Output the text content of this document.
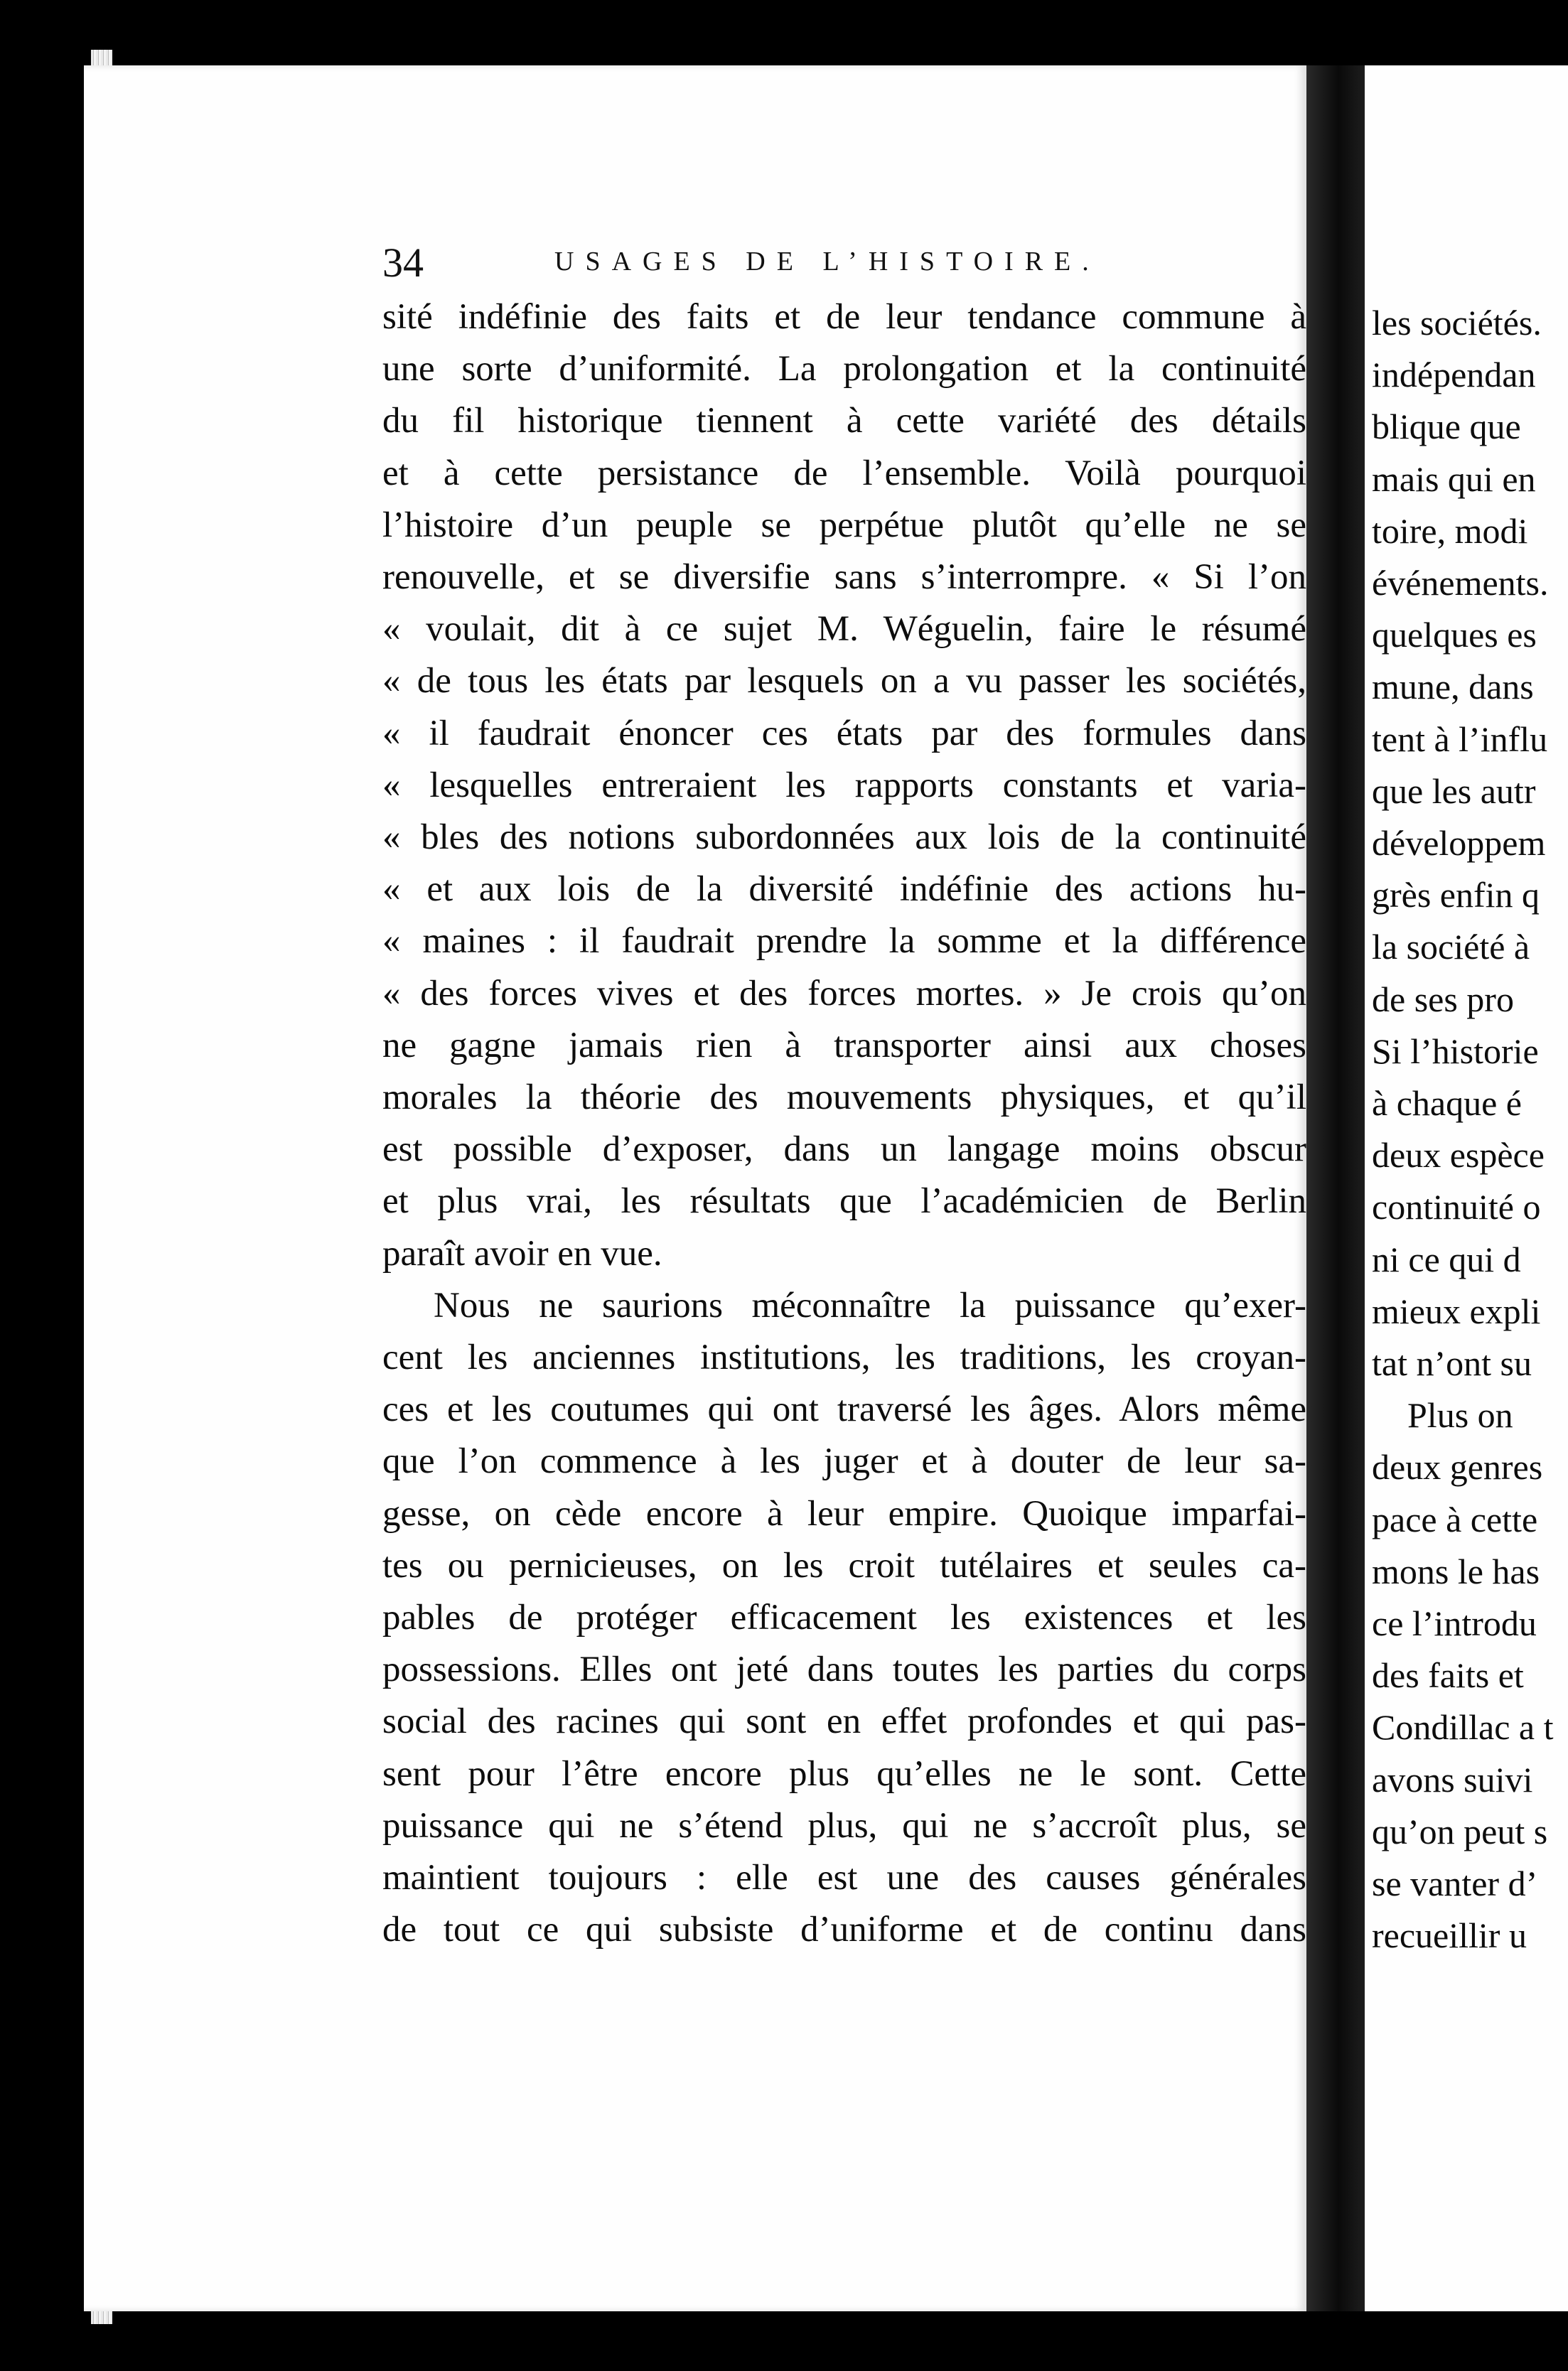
34	USAGES DE L’HISTOIRE.
sité indéfinie des faits et de leur tendance commune à
une sorte d’uniformité. La prolongation et la continuité
du fil historique tiennent à cette variété des détails
et à cette persistance de l’ensemble. Voilà pourquoi
l’histoire d’un peuple se perpétue plutôt qu’elle ne se
renouvelle, et se diversifie sans s’interrompre. « Si l’on
« voulait, dit à ce sujet M. Wéguelin, faire le résumé
« de tous les états par lesquels on a vu passer les sociétés,
« il faudrait énoncer ces états par des formules dans
« lesquelles entreraient les rapports constants et varia-
« bles des notions subordonnées aux lois de la continuité
« et aux lois de la diversité indéfinie des actions hu-
« maines : il faudrait prendre la somme et la différence
« des forces vives et des forces mortes. » Je crois qu’on
ne gagne jamais rien à transporter ainsi aux choses
morales la théorie des mouvements physiques, et qu’il
est possible d’exposer, dans un langage moins obscur
et plus vrai, les résultats que l’académicien de Berlin
paraît avoir en vue.
Nous ne saurions méconnaître la puissance qu’exer-
cent les anciennes institutions, les traditions, les croyan-
ces et les coutumes qui ont traversé les âges. Alors même
que l’on commence à les juger et à douter de leur sa-
gesse, on cède encore à leur empire. Quoique imparfai-
tes ou pernicieuses, on les croit tutélaires et seules ca-
pables de protéger efficacement les existences et les
possessions. Elles ont jeté dans toutes les parties du corps
social des racines qui sont en effet profondes et qui pas-
sent pour l’être encore plus qu’elles ne le sont. Cette
puissance qui ne s’étend plus, qui ne s’accroît plus, se
maintient toujours : elle est une des causes générales
de tout ce qui subsiste d’uniforme et de continu dans
les sociétés.
indépendan
blique que
mais qui en
toire, modi
événements.
quelques es
mune, dans
tent à l’influ
que les autr
développem
grès enfin q
la société à
de ses pro
Si l’historie
à chaque é
deux espèce
continuité o
ni ce qui d
mieux expli
tat n’ont su
Plus on
deux genres
pace à cette
mons le has
ce l’introdu
des faits et
Condillac a t
avons suivi
qu’on peut s
se vanter d’
recueillir u
